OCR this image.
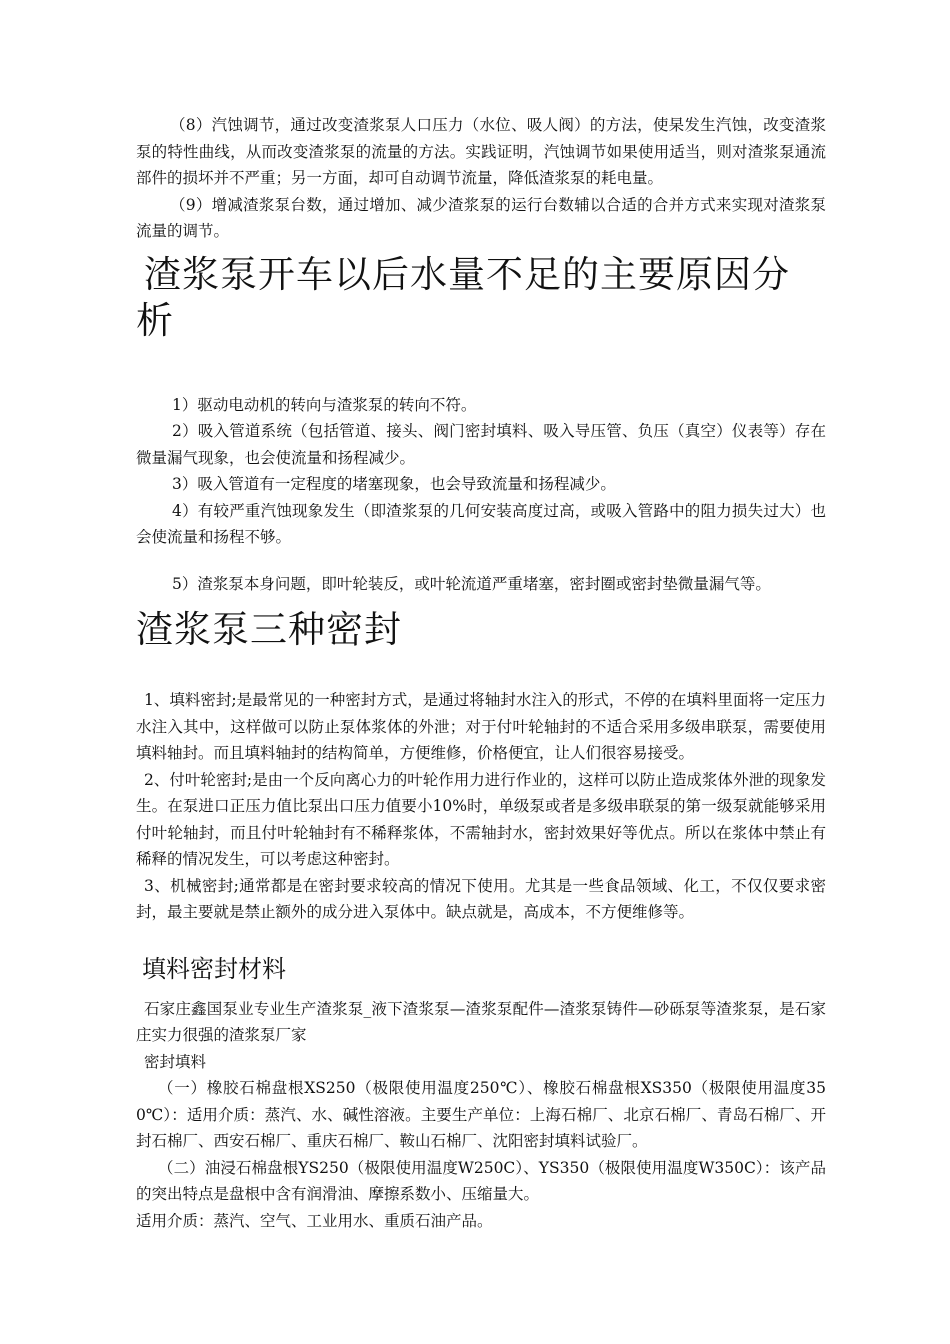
（8）汽蚀调节，通过改变渣浆泵人口压力（水位、吸人阀）的方法，使杲发生汽蚀，改变渣浆泵的特性曲线，从而改变渣浆泵的流量的方法。实践证明，汽蚀调节如果使用适当，则对渣浆泵通流部件的损坏并不严重；另一方面，却可自动调节流量，降低渣浆泵的耗电量。

（9）增减渣浆泵台数，通过增加、减少渣浆泵的运行台数辅以合适的合并方式来实现对渣浆泵流量的调节。

渣浆泵开车以后水量不足的主要原因分析

1）驱动电动机的转向与渣浆泵的转向不符。

2）吸入管道系统（包括管道、接头、阀门密封填料、吸入导压管、负压（真空）仪表等）存在微量漏气现象，也会使流量和扬程减少。

3）吸入管道有一定程度的堵塞现象，也会导致流量和扬程减少。

4）有较严重汽蚀现象发生（即渣浆泵的几何安装高度过高，或吸入管路中的阻力损失过大）也会使流量和扬程不够。

5）渣浆泵本身问题，即叶轮装反，或叶轮流道严重堵塞，密封圈或密封垫微量漏气等。

渣浆泵三种密封

1、填料密封;是最常见的一种密封方式，是通过将轴封水注入的形式，不停的在填料里面将一定压力水注入其中，这样做可以防止泵体浆体的外泄；对于付叶轮轴封的不适合采用多级串联泵，需要使用填料轴封。而且填料轴封的结构简单，方便维修，价格便宜，让人们很容易接受。

2、付叶轮密封;是由一个反向离心力的叶轮作用力进行作业的，这样可以防止造成浆体外泄的现象发生。在泵进口正压力值比泵出口压力值要小10%时，单级泵或者是多级串联泵的第一级泵就能够采用付叶轮轴封，而且付叶轮轴封有不稀释浆体，不需轴封水，密封效果好等优点。所以在浆体中禁止有稀释的情况发生，可以考虑这种密封。

3、机械密封;通常都是在密封要求较高的情况下使用。尤其是一些食品领域、化工，不仅仅要求密封，最主要就是禁止额外的成分进入泵体中。缺点就是，高成本，不方便维修等。

填料密封材料

石家庄鑫国泵业专业生产渣浆泵_液下渣浆泵—渣浆泵配件—渣浆泵铸件—砂砾泵等渣浆泵，是石家庄实力很强的渣浆泵厂家

密封填料

（一）橡胶石棉盘根XS250（极限使用温度250℃）、橡胶石棉盘根XS350（极限使用温度350℃）：适用介质：蒸汽、水、碱性溶液。主要生产单位：上海石棉厂、北京石棉厂、青岛石棉厂、开封石棉厂、西安石棉厂、重庆石棉厂、鞍山石棉厂、沈阳密封填料试验厂。

（二）油浸石棉盘根YS250（极限使用温度W250C）、YS350（极限使用温度W350C）：该产品的突出特点是盘根中含有润滑油、摩擦系数小、压缩量大。

适用介质：蒸汽、空气、工业用水、重质石油产品。
